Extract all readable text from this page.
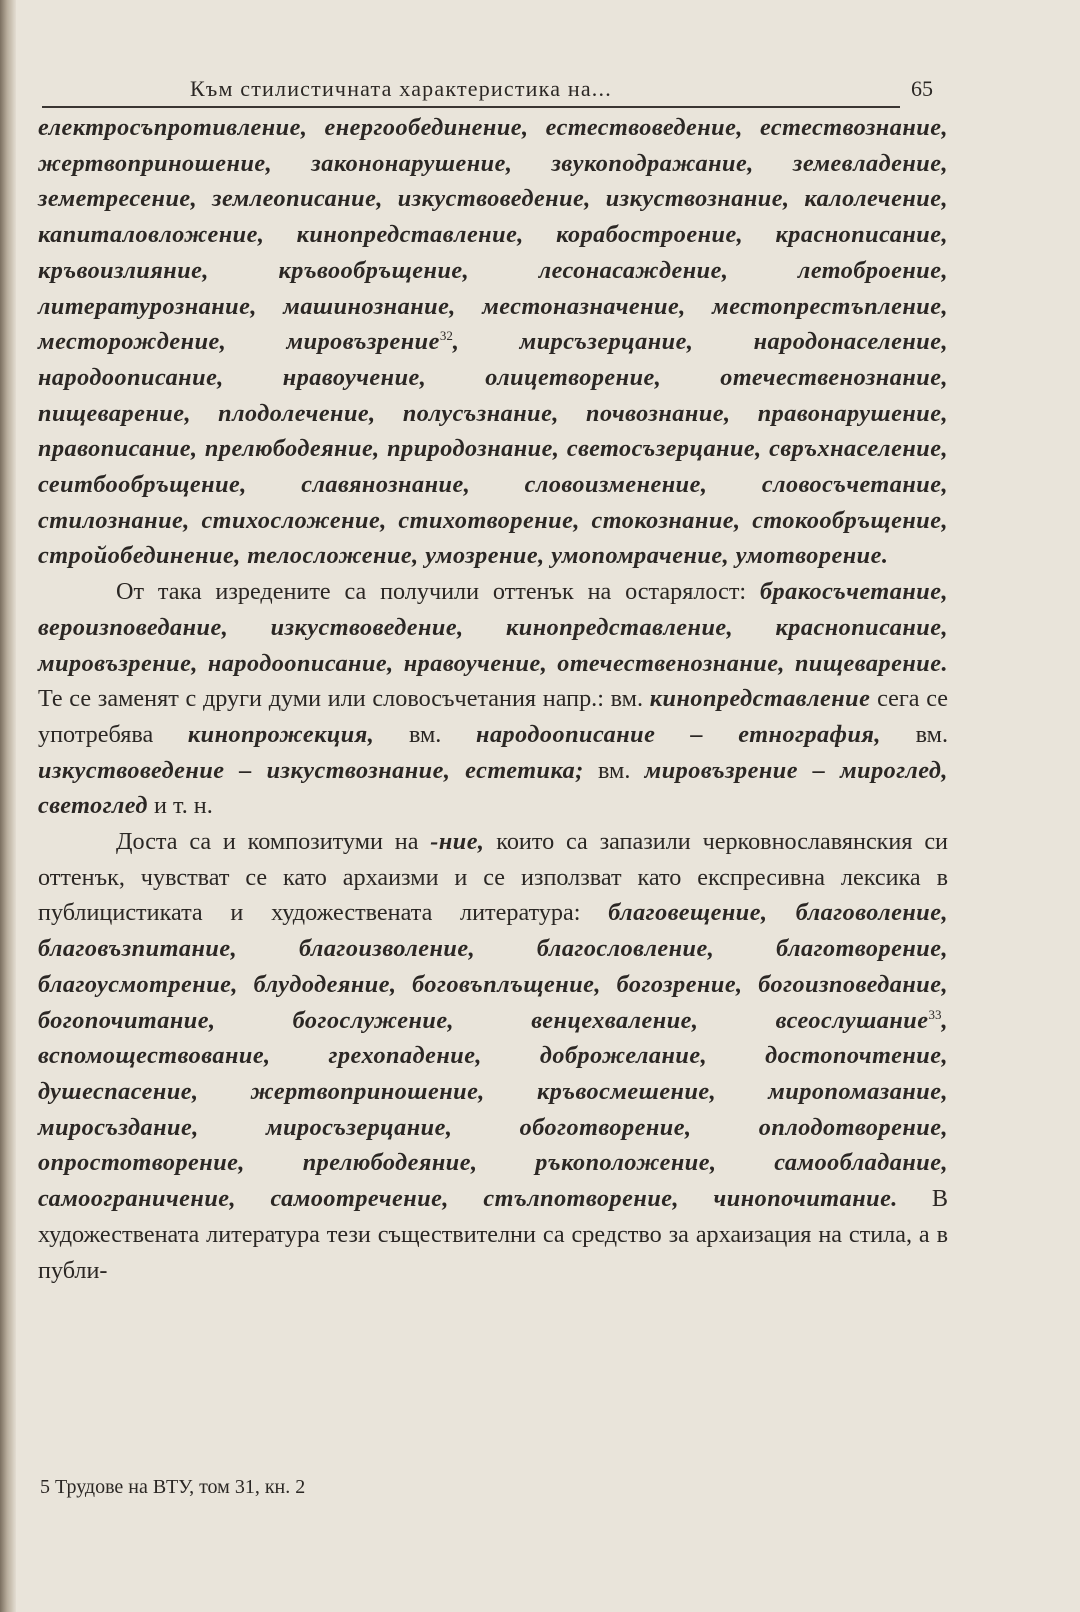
Към стилистичната характеристика на...	65

електросъпротивление, енергообединение, естествоведение, естествознание, жертвоприношение, закононарушение, звукоподражание, земевладение, земетресение, землеописание, изкуствоведение, изкуствознание, калолечение, капиталовложение, кинопредставление, корабостроение, краснописание, кръвоизлияние, кръвообръщение, лесонасаждение, летоброение, литературознание, машинознание, местоназначение, местопрестъпление, месторождение, мировъзрение$^{32}$, мирсъзерцание, народонаселение, народоописание, нравоучение, олицетворение, отечественознание, пищеварение, плодолечение, полусъзнание, почвознание, правонарушение, правописание, прелюбодеяние, природознание, светосъзерцание, свръхнаселение, сеитбообръщение, славянознание, словоизменение, словосъчетание, стилознание, стихосложение, стихотворение, стокознание, стокообръщение, стройобединение, телосложение, умозрение, умопомрачение, умотворение.

От така изредените са получили оттенък на остарялост: бракосъчетание, вероизповедание, изкуствоведение, кинопредставление, краснописание, мировъзрение, народоописание, нравоучение, отечественознание, пищеварение. Те се заменят с други думи или словосъчетания напр.: вм. кинопредставление сега се употребява кинопрожекция, вм. народоописание – етнография, вм. изкуствоведение – изкуствознание, естетика; вм. мировъзрение – мироглед, светоглед и т. н.

Доста са и композитуми на -ние, които са запазили черковнославянския си оттенък, чувстват се като архаизми и се използват като експресивна лексика в публицистиката и художествената литература: благовещение, благоволение, благовъзпитание, благоизволение, благословление, благотворение, благоусмотрение, блудодеяние, боговъплъщение, богозрение, богоизповедание, богопочитание, богослужение, венцехваление, всеослушание$^{33}$, вспомоществование, грехопадение, доброжелание, достопочтение, душеспасение, жертвоприношение, кръвосмешение, миропомазание, миросъздание, миросъзерцание, обоготворение, оплодотворение, опростотворение, прелюбодеяние, ръкоположение, самообладание, самоограничение, самоотречение, стълпотворение, чинопочитание. В художествената литература тези съществителни са средство за архаизация на стила, а в публи-

5 Трудове на ВТУ, том 31, кн. 2
